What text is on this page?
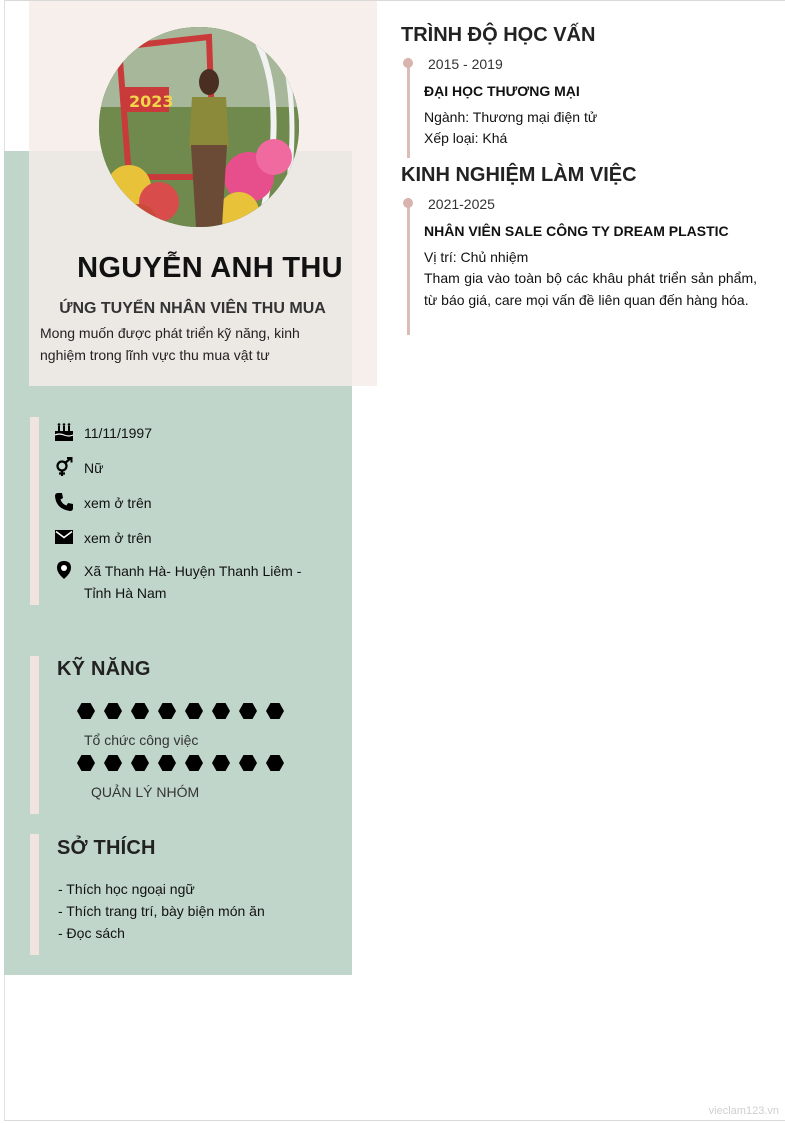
2023
NGUYỄN ANH THU
ỨNG TUYỂN NHÂN VIÊN THU MUA
Mong muốn được phát triển kỹ năng, kinh nghiệm trong lĩnh vực thu mua vật tư
11/11/1997
Nữ
xem ở trên
xem ở trên
Xã Thanh Hà- Huyện Thanh Liêm - Tỉnh Hà Nam
KỸ NĂNG
Tổ chức công việc
QUẢN LÝ NHÓM
SỞ THÍCH
- Thích học ngoại ngữ
- Thích trang trí, bày biện món ăn
- Đọc sách
TRÌNH ĐỘ HỌC VẤN
2015 - 2019
ĐẠI HỌC THƯƠNG MẠI
Ngành: Thương mại điện tử
Xếp loại: Khá
KINH NGHIỆM LÀM VIỆC
2021-2025
NHÂN VIÊN SALE CÔNG TY DREAM PLASTIC
Vị trí: Chủ nhiệm
Tham gia vào toàn bộ các khâu phát triển sản phẩm, từ báo giá, care mọi vấn đề liên quan đến hàng hóa.
vieclam123.vn
